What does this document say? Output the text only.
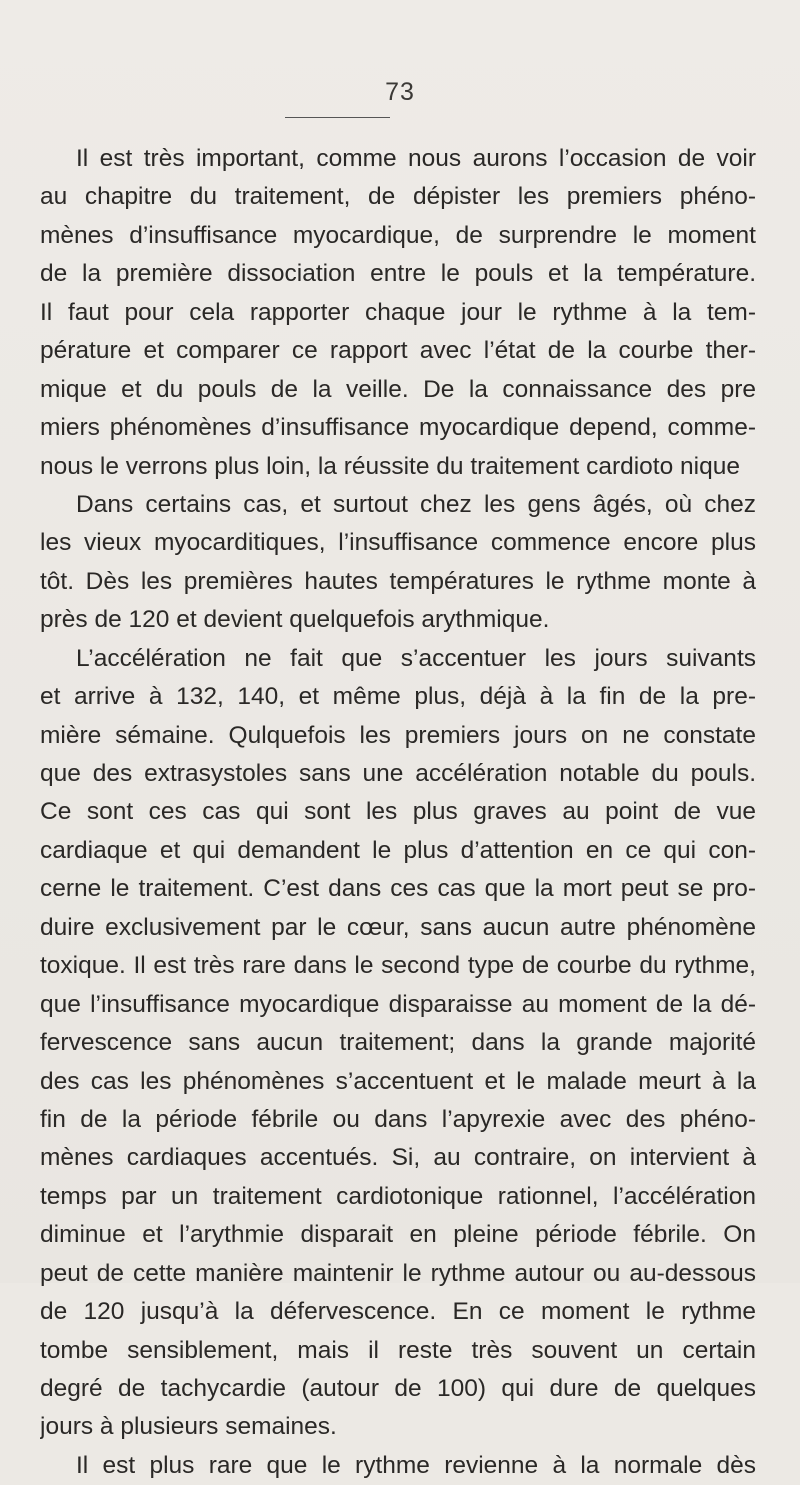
73
Il est très important, comme nous aurons l’occasion de voir
au chapitre du traitement, de dépister les premiers phéno-
mènes d’insuffisance myocardique, de surprendre le moment
de la première dissociation entre le pouls et la température.
Il faut pour cela rapporter chaque jour le rythme à la tem-
pérature et comparer ce rapport avec l’état de la courbe ther-
mique et du pouls de la veille. De la connaissance des pre
miers phénomènes d’insuffisance myocardique depend, comme-
nous le verrons plus loin, la réussite du traitement cardioto nique
Dans certains cas, et surtout chez les gens âgés, où chez
les vieux myocarditiques, l’insuffisance commence encore plus
tôt. Dès les premières hautes températures le rythme monte à
près de 120 et devient quelquefois arythmique.
L’accélération ne fait que s’accentuer les jours suivants
et arrive à 132, 140, et même plus, déjà à la fin de la pre-
mière sémaine. Qulquefois les premiers jours on ne constate
que des extrasystoles sans une accélération notable du pouls.
Ce sont ces cas qui sont les plus graves au point de vue
cardiaque et qui demandent le plus d’attention en ce qui con-
cerne le traitement. C’est dans ces cas que la mort peut se pro-
duire exclusivement par le cœur, sans aucun autre phénomène
toxique. Il est très rare dans le second type de courbe du rythme,
que l’insuffisance myocardique disparaisse au moment de la dé-
fervescence sans aucun traitement; dans la grande majorité
des cas les phénomènes s’accentuent et le malade meurt à la
fin de la période fébrile ou dans l’apyrexie avec des phéno-
mènes cardiaques accentués. Si, au contraire, on intervient à
temps par un traitement cardiotonique rationnel, l’accélération
diminue et l’arythmie disparait en pleine période fébrile. On
peut de cette manière maintenir le rythme autour ou au-dessous
de 120 jusqu’à la défervescence. En ce moment le rythme
tombe sensiblement, mais il reste très souvent un certain
degré de tachycardie (autour de 100) qui dure de quelques
jours à plusieurs semaines.
Il est plus rare que le rythme revienne à la normale dès
